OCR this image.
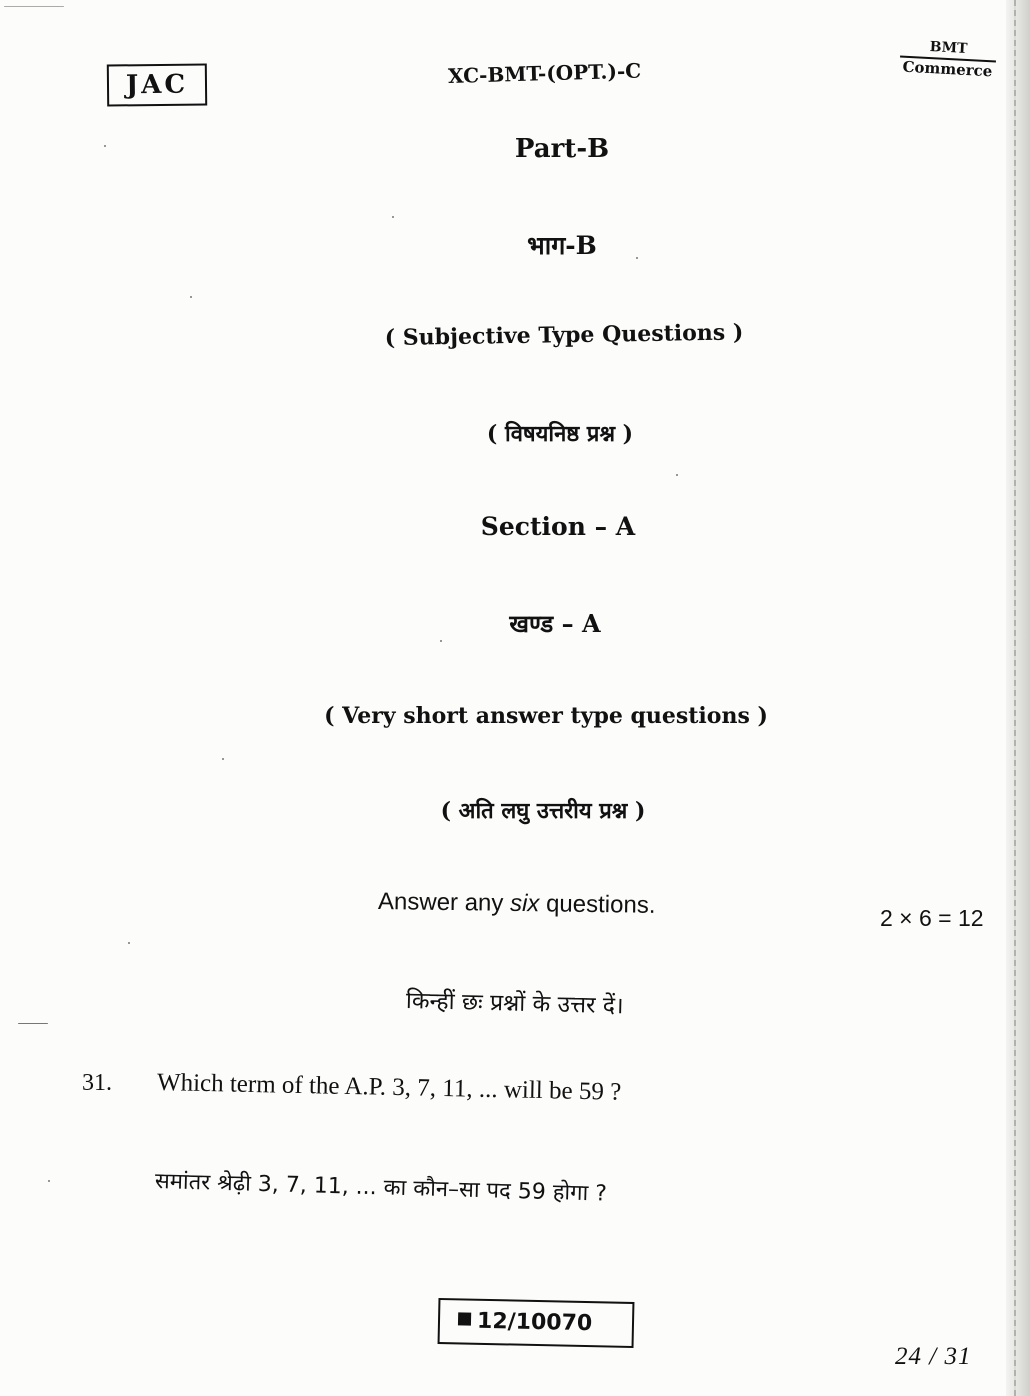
JAC	XC-BMT-(OPT.)-C
BMT
Commerce
Part-B
भाग-B
( Subjective Type Questions )
( विषयनिष्ठ प्रश्न )
Section – A
खण्ड – A
( Very short answer type questions )
( अति लघु उत्तरीय प्रश्न )
Answer any six questions.	2 × 6 = 12
किन्हीं छः प्रश्नों के उत्तर दें।
31. Which term of the A.P. 3, 7, 11, ... will be 59 ?
समांतर श्रेढ़ी 3, 7, 11, ... का कौन–सा पद 59 होगा ?
12/10070
24 / 31
